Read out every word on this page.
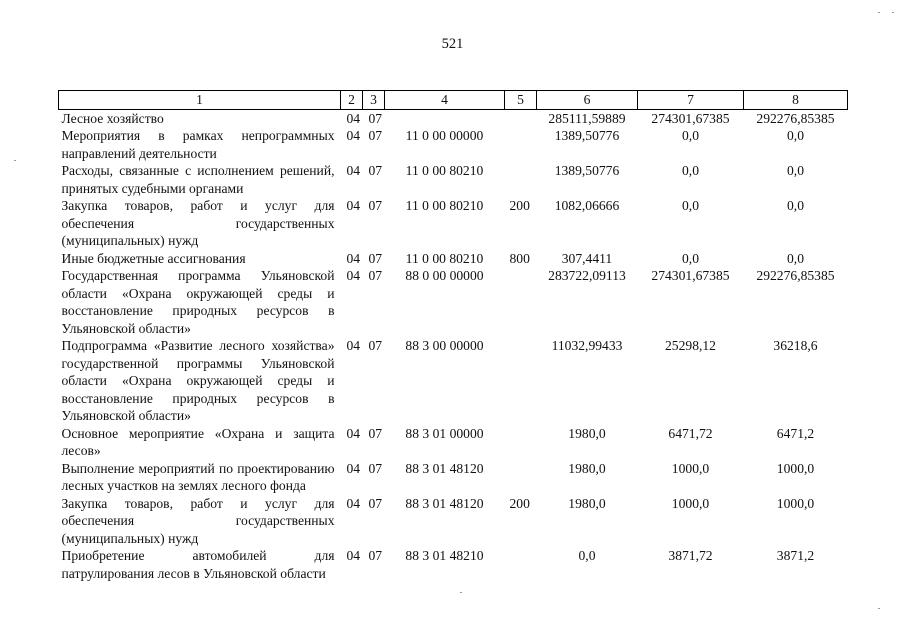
521
1	2	3	4	5	6	7	8
Лесное хозяйство	04	07			285111,59889	274301,67385	292276,85385
Мероприятия в рамках непрограммных направлений деятельности	04	07	11 0 00 00000		1389,50776	0,0	0,0
Расходы, связанные с исполнением решений, принятых судебными органами	04	07	11 0 00 80210		1389,50776	0,0	0,0
Закупка товаров, работ и услуг для обеспечения государственных (муниципальных) нужд	04	07	11 0 00 80210	200	1082,06666	0,0	0,0
Иные бюджетные ассигнования	04	07	11 0 00 80210	800	307,4411	0,0	0,0
Государственная программа Ульяновской области «Охрана окружающей среды и восстановление природных ресурсов в Ульяновской области»	04	07	88 0 00 00000		283722,09113	274301,67385	292276,85385
Подпрограмма «Развитие лесного хозяйства» государственной программы Ульяновской области «Охрана окружающей среды и восстановление природных ресурсов в Ульяновской области»	04	07	88 3 00 00000		11032,99433	25298,12	36218,6
Основное мероприятие «Охрана и защита лесов»	04	07	88 3 01 00000		1980,0	6471,72	6471,2
Выполнение мероприятий по проектированию лесных участков на землях лесного фонда	04	07	88 3 01 48120		1980,0	1000,0	1000,0
Закупка товаров, работ и услуг для обеспечения государственных (муниципальных) нужд	04	07	88 3 01 48120	200	1980,0	1000,0	1000,0
Приобретение автомобилей для патрулирования лесов в Ульяновской области	04	07	88 3 01 48210		0,0	3871,72	3871,2
